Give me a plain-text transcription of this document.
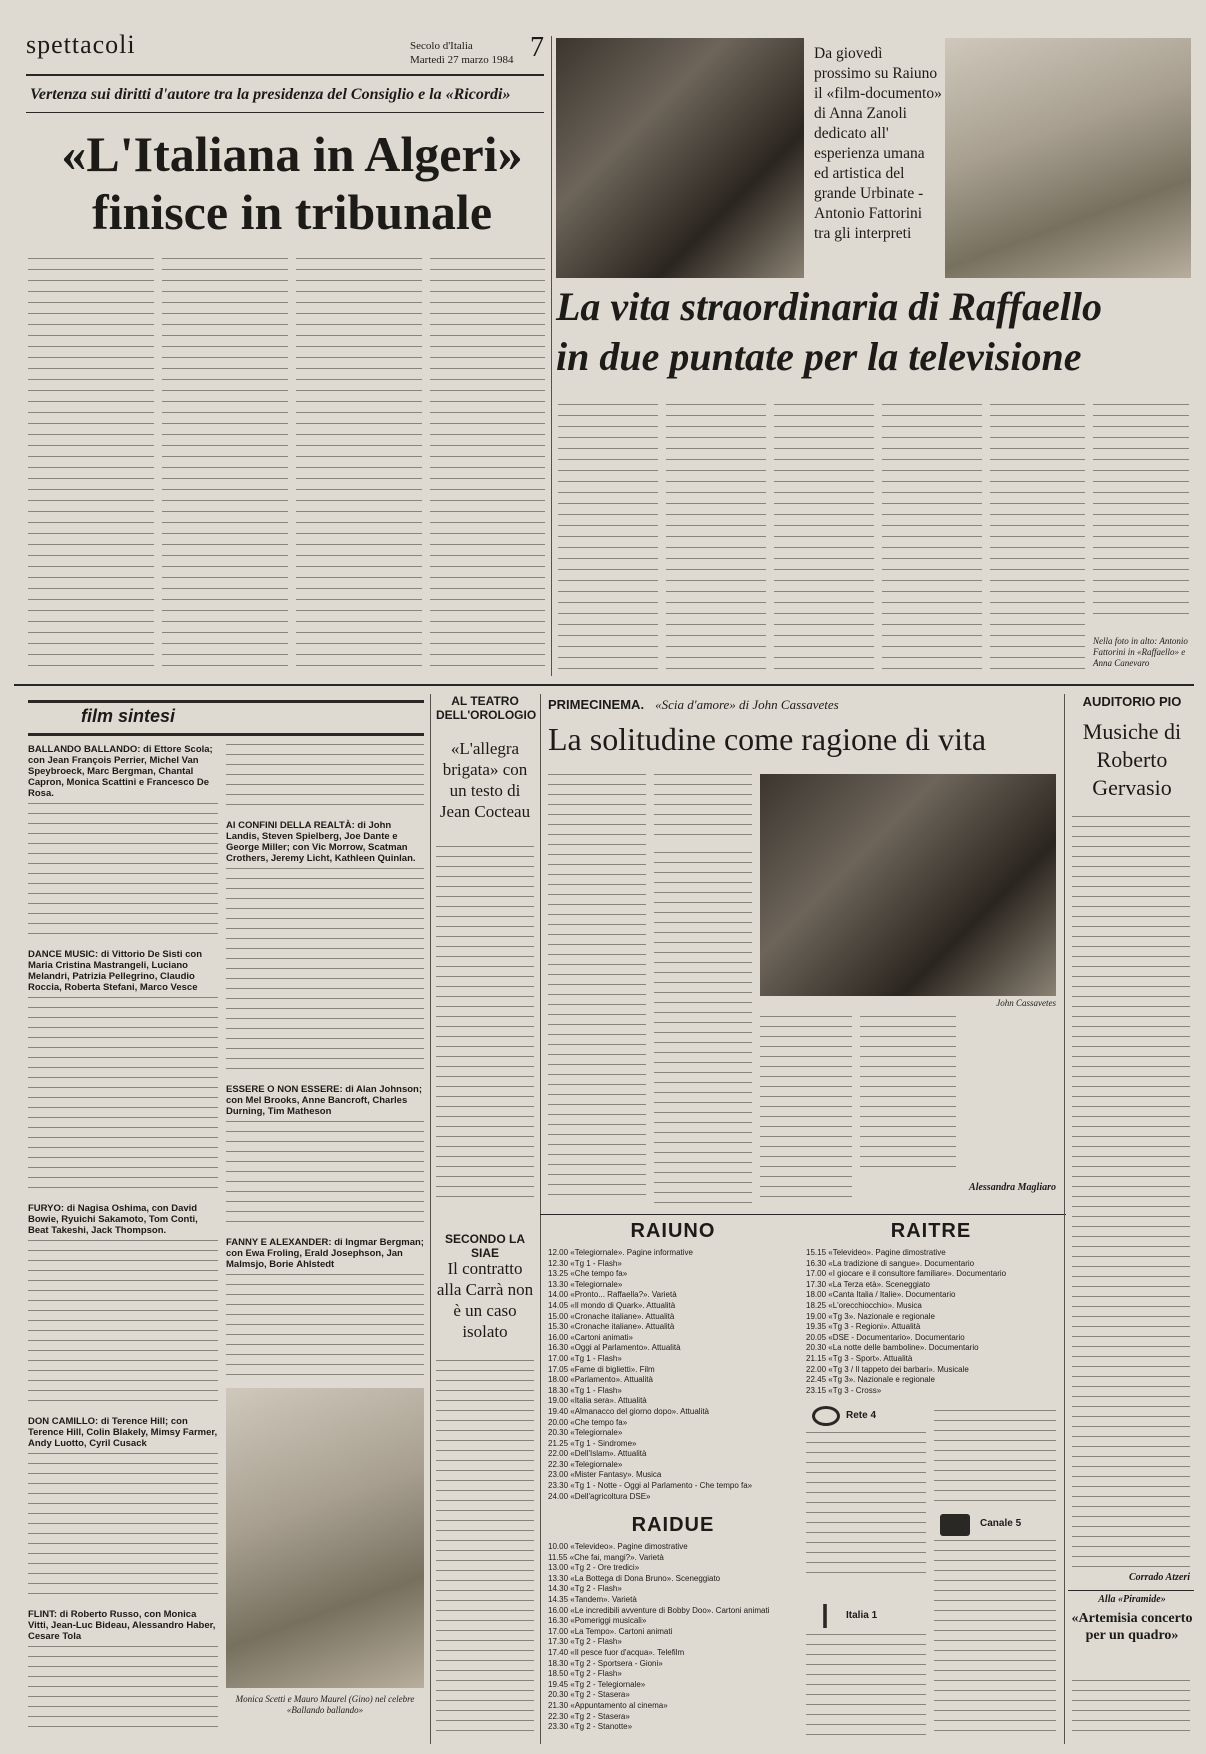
spettacoli	Secolo d'Italia
Martedì 27 marzo 1984 7
Vertenza sui diritti d'autore tra la presidenza del Consiglio e la «Ricordi»
«L'Italiana in Algeri»
finisce in tribunale
Da giovedì prossimo su Raiuno il «film-documento» di Anna Zanoli dedicato all' esperienza umana ed artistica del grande Urbinate - Antonio Fattorini tra gli interpreti
La vita straordinaria di Raffaello
in due puntate per la televisione
Nella foto in alto: Antonio Fattorini in «Raffaello» e Anna Canevaro
film sintesi
BALLANDO BALLANDO: di Ettore Scola; con Jean François Perrier, Michel Van Speybroeck, Marc Bergman, Chantal Capron, Monica Scattini e Francesco De Rosa.
DANCE MUSIC: di Vittorio De Sisti con Maria Cristina Mastrangeli, Luciano Melandri, Patrizia Pellegrino, Claudio Roccia, Roberta Stefani, Marco Vesce
FURYO: di Nagisa Oshima, con David Bowie, Ryuichi Sakamoto, Tom Conti, Beat Takeshi, Jack Thompson.
DON CAMILLO: di Terence Hill; con Terence Hill, Colin Blakely, Mimsy Farmer, Andy Luotto, Cyril Cusack
FLINT: di Roberto Russo, con Monica Vitti, Jean-Luc Bideau, Alessandro Haber, Cesare Tola
AI CONFINI DELLA REALTÀ: di John Landis, Steven Spielberg, Joe Dante e George Miller; con Vic Morrow, Scatman Crothers, Jeremy Licht, Kathleen Quinlan.
ESSERE O NON ESSERE: di Alan Johnson; con Mel Brooks, Anne Bancroft, Charles Durning, Tim Matheson
FANNY E ALEXANDER: di Ingmar Bergman; con Ewa Froling, Erald Josephson, Jan Malmsjo, Boriе Ahlstedt
Monica Scetti e Mauro Maurel (Gino) nel celebre «Ballando ballando»
AL TEATRO DELL'OROLOGIO
«L'allegra brigata» con un testo di Jean Cocteau
SECONDO LA SIAE
Il contratto alla Carrà non è un caso isolato
PRIMECINEMA. «Scia d'amore» di John Cassavetes
La solitudine come ragione di vita
John Cassavetes
Alessandra Magliaro
RAIUNO
12.00 «Telegiornale». Pagine informative
12.30 «Tg 1 - Flash»
13.25 «Che tempo fa»
13.30 «Telegiornale»
14.00 «Pronto... Raffaella?». Varietà
14.05 «Il mondo di Quark». Attualità
15.00 «Cronache italiane». Attualità
15.30 «Cronache italiane». Attualità
16.00 «Cartoni animati»
16.30 «Oggi al Parlamento». Attualità
17.00 «Tg 1 - Flash»
17.05 «Fame di biglietti». Film
18.00 «Parlamento». Attualità
18.30 «Tg 1 - Flash»
19.00 «Italia sera». Attualità
19.40 «Almanacco del giorno dopo». Attualità
20.00 «Che tempo fa»
20.30 «Telegiornale»
21.25 «Tg 1 - Sindrome»
22.00 «Dell'Islam». Attualità
22.30 «Telegiornale»
23.00 «Mister Fantasy». Musica
23.30 «Tg 1 - Notte - Oggi al Parlamento - Che tempo fa»
24.00 «Dell'agricoltura DSE»
RAIDUE
10.00 «Televideo». Pagine dimostrative
11.55 «Che fai, mangi?». Varietà
13.00 «Tg 2 - Ore tredici»
13.30 «La Bottega di Dona Bruno». Sceneggiato
14.30 «Tg 2 - Flash»
14.35 «Tandem». Varietà
16.00 «Le incredibili avventure di Bobby Doo». Cartoni animati
16.30 «Pomeriggi musicali»
17.00 «La Tempo». Cartoni animati
17.30 «Tg 2 - Flash»
17.40 «Il pesce fuor d'acqua». Telefilm
18.30 «Tg 2 - Sportsera - Gioni»
18.50 «Tg 2 - Flash»
19.45 «Tg 2 - Telegiornale»
20.30 «Tg 2 - Stasera»
21.30 «Appuntamento al cinema»
22.30 «Tg 2 - Stasera»
23.30 «Tg 2 - Stanotte»
RAITRE
15.15 «Televideo». Pagine dimostrative
16.30 «La tradizione di sangue». Documentario
17.00 «I giocare e il consultore familiare». Documentario
17.30 «La Terza età». Sceneggiato
18.00 «Canta Italia / Italie». Documentario
18.25 «L'orecchiocchio». Musica
19.00 «Tg 3». Nazionale e regionale
19.35 «Tg 3 - Regioni». Attualità
20.05 «DSE - Documentario». Documentario
20.30 «La notte delle bamboline». Documentario
21.15 «Tg 3 - Sport». Attualità
22.00 «Tg 3 / Il tappeto dei barbari». Musicale
22.45 «Tg 3». Nazionale e regionale
23.15 «Tg 3 - Cross»
Rete 4
Canale 5
Italia 1
AUDITORIO PIO
Musiche di Roberto Gervasio
Corrado Atzeri
Alla «Piramide»
«Artemisia concerto per un quadro»
